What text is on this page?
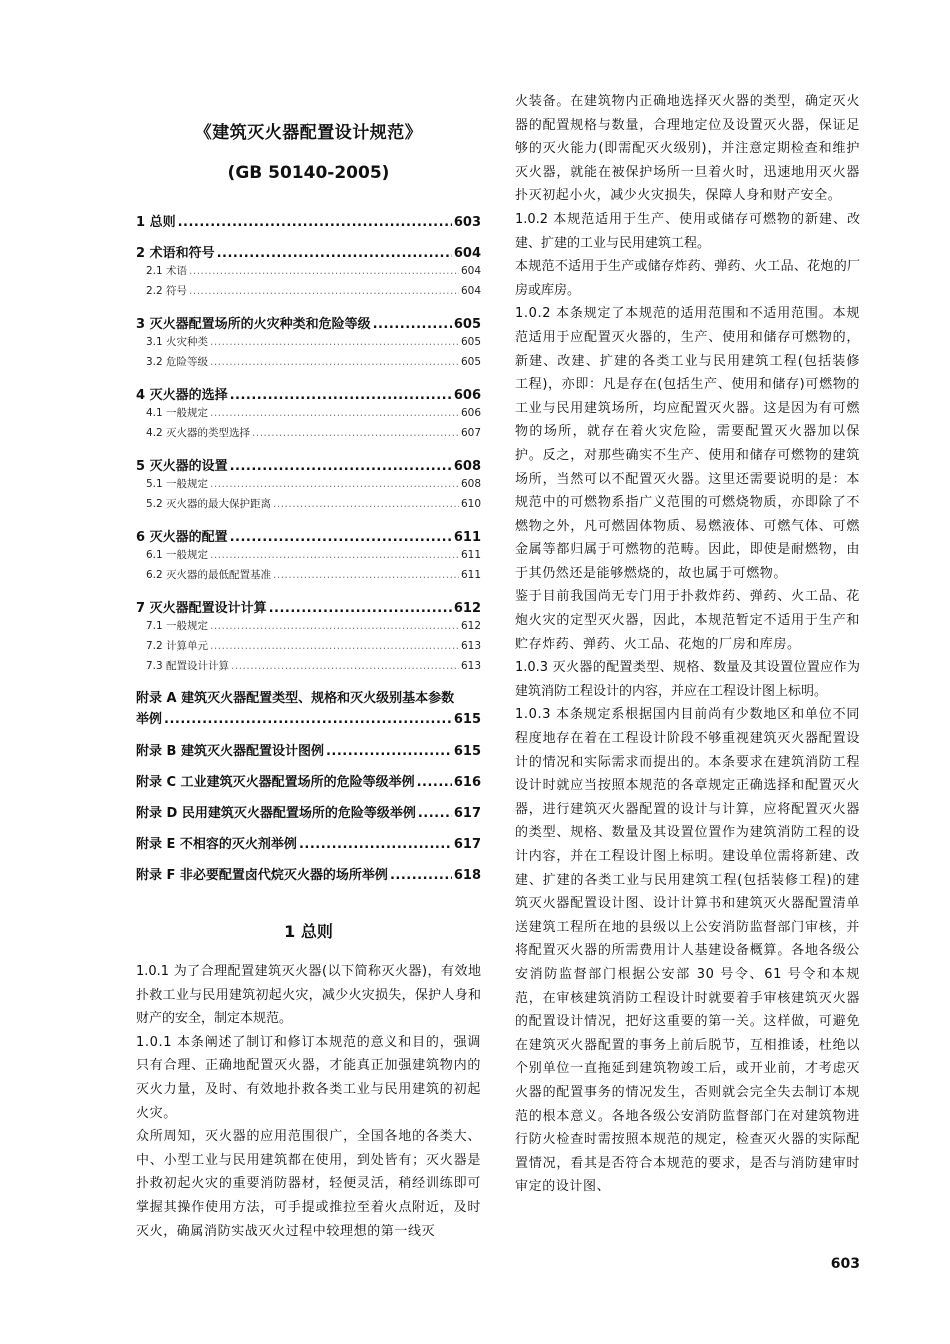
《建筑灭火器配置设计规范》
(GB 50140-2005)
1 总则 .....	603
2 术语和符号 .....	604
2.1 术语 .....	604
2.2 符号 .....	604
3 灭火器配置场所的火灾种类和危险等级 .....	605
3.1 火灾种类 .....	605
3.2 危险等级 .....	605
4 灭火器的选择 .....	606
4.1 一般规定 .....	606
4.2 灭火器的类型选择 .....	607
5 灭火器的设置 .....	608
5.1 一般规定 .....	608
5.2 灭火器的最大保护距离 .....	610
6 灭火器的配置 .....	611
6.1 一般规定 .....	611
6.2 灭火器的最低配置基准 .....	611
7 灭火器配置设计计算 .....	612
7.1 一般规定 .....	612
7.2 计算单元 .....	613
7.3 配置设计计算 .....	613
附录 A 建筑灭火器配置类型、规格和灭火级别基本参数
举例 .....	615
附录 B 建筑灭火器配置设计图例 .....	615
附录 C 工业建筑灭火器配置场所的危险等级举例 .....	616
附录 D 民用建筑灭火器配置场所的危险等级举例 .....	617
附录 E 不相容的灭火剂举例 .....	617
附录 F 非必要配置卤代烷灭火器的场所举例 .....	618
1 总则

1.0.1 为了合理配置建筑灭火器(以下简称灭火器)，有效地扑救工业与民用建筑初起火灾，减少火灾损失，保护人身和财产的安全，制定本规范。

1.0.1 本条阐述了制订和修订本规范的意义和目的，强调只有合理、正确地配置灭火器，才能真正加强建筑物内的灭火力量，及时、有效地扑救各类工业与民用建筑的初起火灾。

众所周知，灭火器的应用范围很广，全国各地的各类大、中、小型工业与民用建筑都在使用，到处皆有；灭火器是扑救初起火灾的重要消防器材，轻便灵活，稍经训练即可掌握其操作使用方法，可手提或推拉至着火点附近，及时灭火，确属消防实战灭火过程中较理想的第一线灭

火装备。在建筑物内正确地选择灭火器的类型，确定灭火器的配置规格与数量，合理地定位及设置灭火器，保证足够的灭火能力(即需配灭火级别)，并注意定期检查和维护灭火器，就能在被保护场所一旦着火时，迅速地用灭火器扑灭初起小火，减少火灾损失，保障人身和财产安全。

1.0.2 本规范适用于生产、使用或储存可燃物的新建、改建、扩建的工业与民用建筑工程。

本规范不适用于生产或储存炸药、弹药、火工品、花炮的厂房或库房。

1.0.2 本条规定了本规范的适用范围和不适用范围。本规范适用于应配置灭火器的，生产、使用和储存可燃物的，新建、改建、扩建的各类工业与民用建筑工程(包括装修工程)，亦即：凡是存在(包括生产、使用和储存)可燃物的工业与民用建筑场所，均应配置灭火器。这是因为有可燃物的场所，就存在着火灾危险，需要配置灭火器加以保护。反之，对那些确实不生产、使用和储存可燃物的建筑场所，当然可以不配置灭火器。这里还需要说明的是：本规范中的可燃物系指广义范围的可燃烧物质，亦即除了不燃物之外，凡可燃固体物质、易燃液体、可燃气体、可燃金属等都归属于可燃物的范畴。因此，即使是耐燃物，由于其仍然还是能够燃烧的，故也属于可燃物。

鉴于目前我国尚无专门用于扑救炸药、弹药、火工品、花炮火灾的定型灭火器，因此，本规范暂定不适用于生产和贮存炸药、弹药、火工品、花炮的厂房和库房。

1.0.3 灭火器的配置类型、规格、数量及其设置位置应作为建筑消防工程设计的内容，并应在工程设计图上标明。

1.0.3 本条规定系根据国内目前尚有少数地区和单位不同程度地存在着在工程设计阶段不够重视建筑灭火器配置设计的情况和实际需求而提出的。本条要求在建筑消防工程设计时就应当按照本规范的各章规定正确选择和配置灭火器，进行建筑灭火器配置的设计与计算，应将配置灭火器的类型、规格、数量及其设置位置作为建筑消防工程的设计内容，并在工程设计图上标明。建设单位需将新建、改建、扩建的各类工业与民用建筑工程(包括装修工程)的建筑灭火器配置设计图、设计计算书和建筑灭火器配置清单送建筑工程所在地的县级以上公安消防监督部门审核，并将配置灭火器的所需费用计人基建设备概算。各地各级公安消防监督部门根据公安部 30 号令、61 号令和本规范，在审核建筑消防工程设计时就要着手审核建筑灭火器的配置设计情况，把好这重要的第一关。这样做，可避免在建筑灭火器配置的事务上前后脱节，互相推诿，杜绝以个别单位一直拖延到建筑物竣工后，或开业前，才考虑灭火器的配置事务的情况发生，否则就会完全失去制订本规范的根本意义。各地各级公安消防监督部门在对建筑物进行防火检查时需按照本规范的规定，检查灭火器的实际配置情况，看其是否符合本规范的要求，是否与消防建审时审定的设计图、

603
